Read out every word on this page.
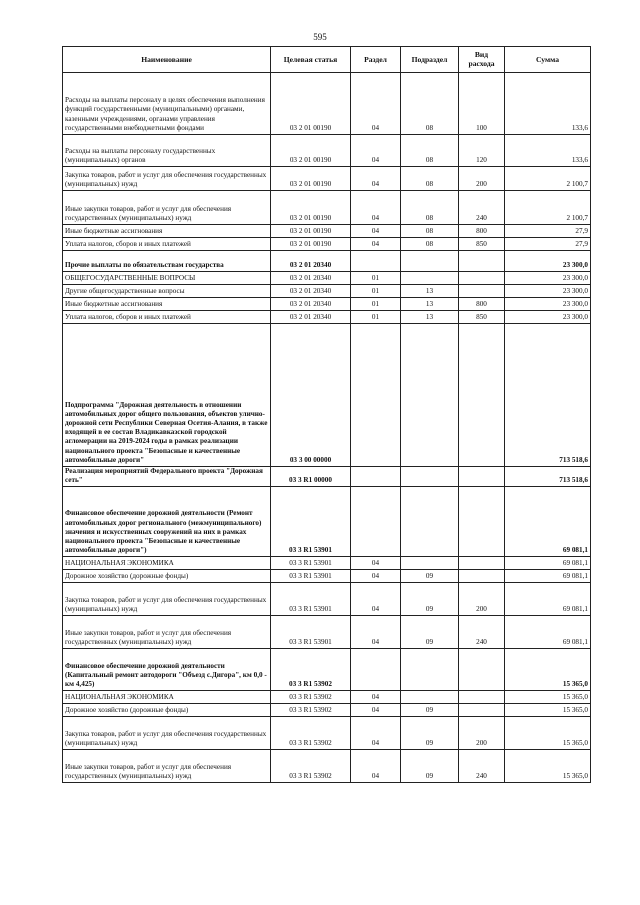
595
Наименование	Целевая статья	Раздел	Подраздел	Вид расхода	Сумма
Расходы на выплаты персоналу в целях обеспечения выполнения функций государственными (муниципальными) органами, казенными учреждениями, органами управления государственными внебюджетными фондами	03 2 01 00190	04	08	100	133,6
Расходы на выплаты персоналу государственных (муниципальных) органов	03 2 01 00190	04	08	120	133,6
Закупка товаров, работ и услуг для обеспечения государственных (муниципальных) нужд	03 2 01 00190	04	08	200	2 100,7
Иные закупки товаров, работ и услуг для обеспечения государственных (муниципальных) нужд	03 2 01 00190	04	08	240	2 100,7
Иные бюджетные ассигнования	03 2 01 00190	04	08	800	27,9
Уплата налогов, сборов и иных платежей	03 2 01 00190	04	08	850	27,9
Прочие выплаты по обязательствам государства	03 2 01 20340				23 300,0
ОБЩЕГОСУДАРСТВЕННЫЕ ВОПРОСЫ	03 2 01 20340	01			23 300,0
Другие общегосударственные вопросы	03 2 01 20340	01	13		23 300,0
Иные бюджетные ассигнования	03 2 01 20340	01	13	800	23 300,0
Уплата налогов, сборов и иных платежей	03 2 01 20340	01	13	850	23 300,0
Подпрограмма "Дорожная деятельность в отношении автомобильных дорог общего пользования, объектов улично-дорожной сети Республики Северная Осетия-Алания, в также входящей в ее состав Владикавказской городской агломерации на 2019-2024 годы в рамках реализации национального проекта "Безопасные и качественные автомобильные дороги"	03 3 00 00000				713 518,6
Реализация мероприятий Федерального проекта "Дорожная сеть"	03 3 R1 00000				713 518,6
Финансовое обеспечение дорожной деятельности (Ремонт автомобильных дорог регионального (межмуниципального) значения и искусственных сооружений на них в рамках национального проекта "Безопасные и качественные автомобильные дороги")	03 3 R1 53901				69 081,1
НАЦИОНАЛЬНАЯ ЭКОНОМИКА	03 3 R1 53901	04			69 081,1
Дорожное хозяйство (дорожные фонды)	03 3 R1 53901	04	09		69 081,1
Закупка товаров, работ и услуг для обеспечения государственных (муниципальных) нужд	03 3 R1 53901	04	09	200	69 081,1
Иные закупки товаров, работ и услуг для обеспечения государственных (муниципальных) нужд	03 3 R1 53901	04	09	240	69 081,1
Финансовое обеспечение дорожной деятельности (Капитальный ремонт автодороги "Объезд с.Дигора", км 0,0 - км 4,425)	03 3 R1 53902				15 365,0
НАЦИОНАЛЬНАЯ ЭКОНОМИКА	03 3 R1 53902	04			15 365,0
Дорожное хозяйство (дорожные фонды)	03 3 R1 53902	04	09		15 365,0
Закупка товаров, работ и услуг для обеспечения государственных (муниципальных) нужд	03 3 R1 53902	04	09	200	15 365,0
Иные закупки товаров, работ и услуг для обеспечения государственных (муниципальных) нужд	03 3 R1 53902	04	09	240	15 365,0
